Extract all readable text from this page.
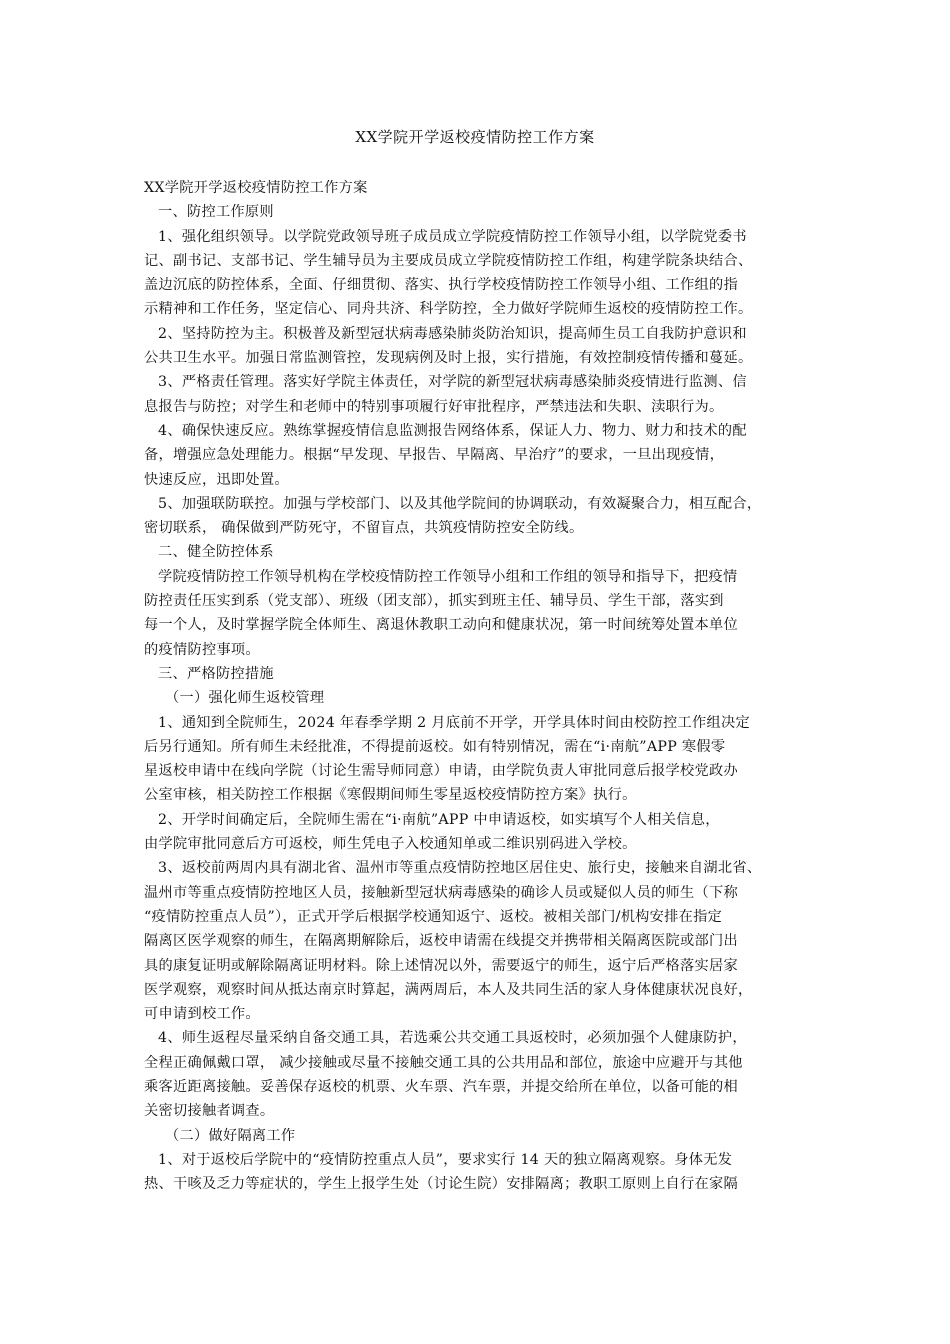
XX学院开学返校疫情防控工作方案

XX学院开学返校疫情防控工作方案

一、防控工作原则

1、强化组织领导。以学院党政领导班子成员成立学院疫情防控工作领导小组，以学院党委书

记、副书记、支部书记、学生辅导员为主要成员成立学院疫情防控工作组，构建学院条块结合、

盖边沉底的防控体系，全面、仔细贯彻、落实、执行学校疫情防控工作领导小组、工作组的指

示精神和工作任务，坚定信心、同舟共济、科学防控，全力做好学院师生返校的疫情防控工作。

2、坚持防控为主。积极普及新型冠状病毒感染肺炎防治知识，提高师生员工自我防护意识和

公共卫生水平。加强日常监测管控，发现病例及时上报，实行措施，有效控制疫情传播和蔓延。

3、严格责任管理。落实好学院主体责任，对学院的新型冠状病毒感染肺炎疫情进行监测、信

息报告与防控；对学生和老师中的特别事项履行好审批程序，严禁违法和失职、渎职行为。

4、确保快速反应。熟练掌握疫情信息监测报告网络体系，保证人力、物力、财力和技术的配

备，增强应急处理能力。根据“早发现、早报告、早隔离、早治疗”的要求，一旦出现疫情，

快速反应，迅即处置。

5、加强联防联控。加强与学校部门、以及其他学院间的协调联动，有效凝聚合力，相互配合，

密切联系， 确保做到严防死守，不留盲点，共筑疫情防控安全防线。

二、健全防控体系

学院疫情防控工作领导机构在学校疫情防控工作领导小组和工作组的领导和指导下，把疫情

防控责任压实到系（党支部）、班级（团支部），抓实到班主任、辅导员、学生干部，落实到

每一个人，及时掌握学院全体师生、离退休教职工动向和健康状况，第一时间统筹处置本单位

的疫情防控事项。

三、严格防控措施

（一）强化师生返校管理

1、通知到全院师生，2024 年春季学期 2 月底前不开学，开学具体时间由校防控工作组决定

后另行通知。所有师生未经批准，不得提前返校。如有特别情况，需在“i·南航”APP 寒假零

星返校申请中在线向学院（讨论生需导师同意）申请，由学院负责人审批同意后报学校党政办

公室审核，相关防控工作根据《寒假期间师生零星返校疫情防控方案》执行。

2、开学时间确定后，全院师生需在“i·南航”APP 中申请返校，如实填写个人相关信息，

由学院审批同意后方可返校，师生凭电子入校通知单或二维识别码进入学校。

3、返校前两周内具有湖北省、温州市等重点疫情防控地区居住史、旅行史，接触来自湖北省、

温州市等重点疫情防控地区人员，接触新型冠状病毒感染的确诊人员或疑似人员的师生（下称

“疫情防控重点人员”），正式开学后根据学校通知返宁、返校。被相关部门/机构安排在指定

隔离区医学观察的师生，在隔离期解除后，返校申请需在线提交并携带相关隔离医院或部门出

具的康复证明或解除隔离证明材料。除上述情况以外，需要返宁的师生，返宁后严格落实居家

医学观察，观察时间从抵达南京时算起，满两周后，本人及共同生活的家人身体健康状况良好，

可申请到校工作。

4、师生返程尽量采纳自备交通工具，若选乘公共交通工具返校时，必须加强个人健康防护，

全程正确佩戴口罩， 减少接触或尽量不接触交通工具的公共用品和部位，旅途中应避开与其他

乘客近距离接触。妥善保存返校的机票、火车票、汽车票，并提交给所在单位，以备可能的相

关密切接触者调查。

（二）做好隔离工作

1、对于返校后学院中的“疫情防控重点人员”，要求实行 14 天的独立隔离观察。身体无发

热、干咳及乏力等症状的，学生上报学生处（讨论生院）安排隔离；教职工原则上自行在家隔
